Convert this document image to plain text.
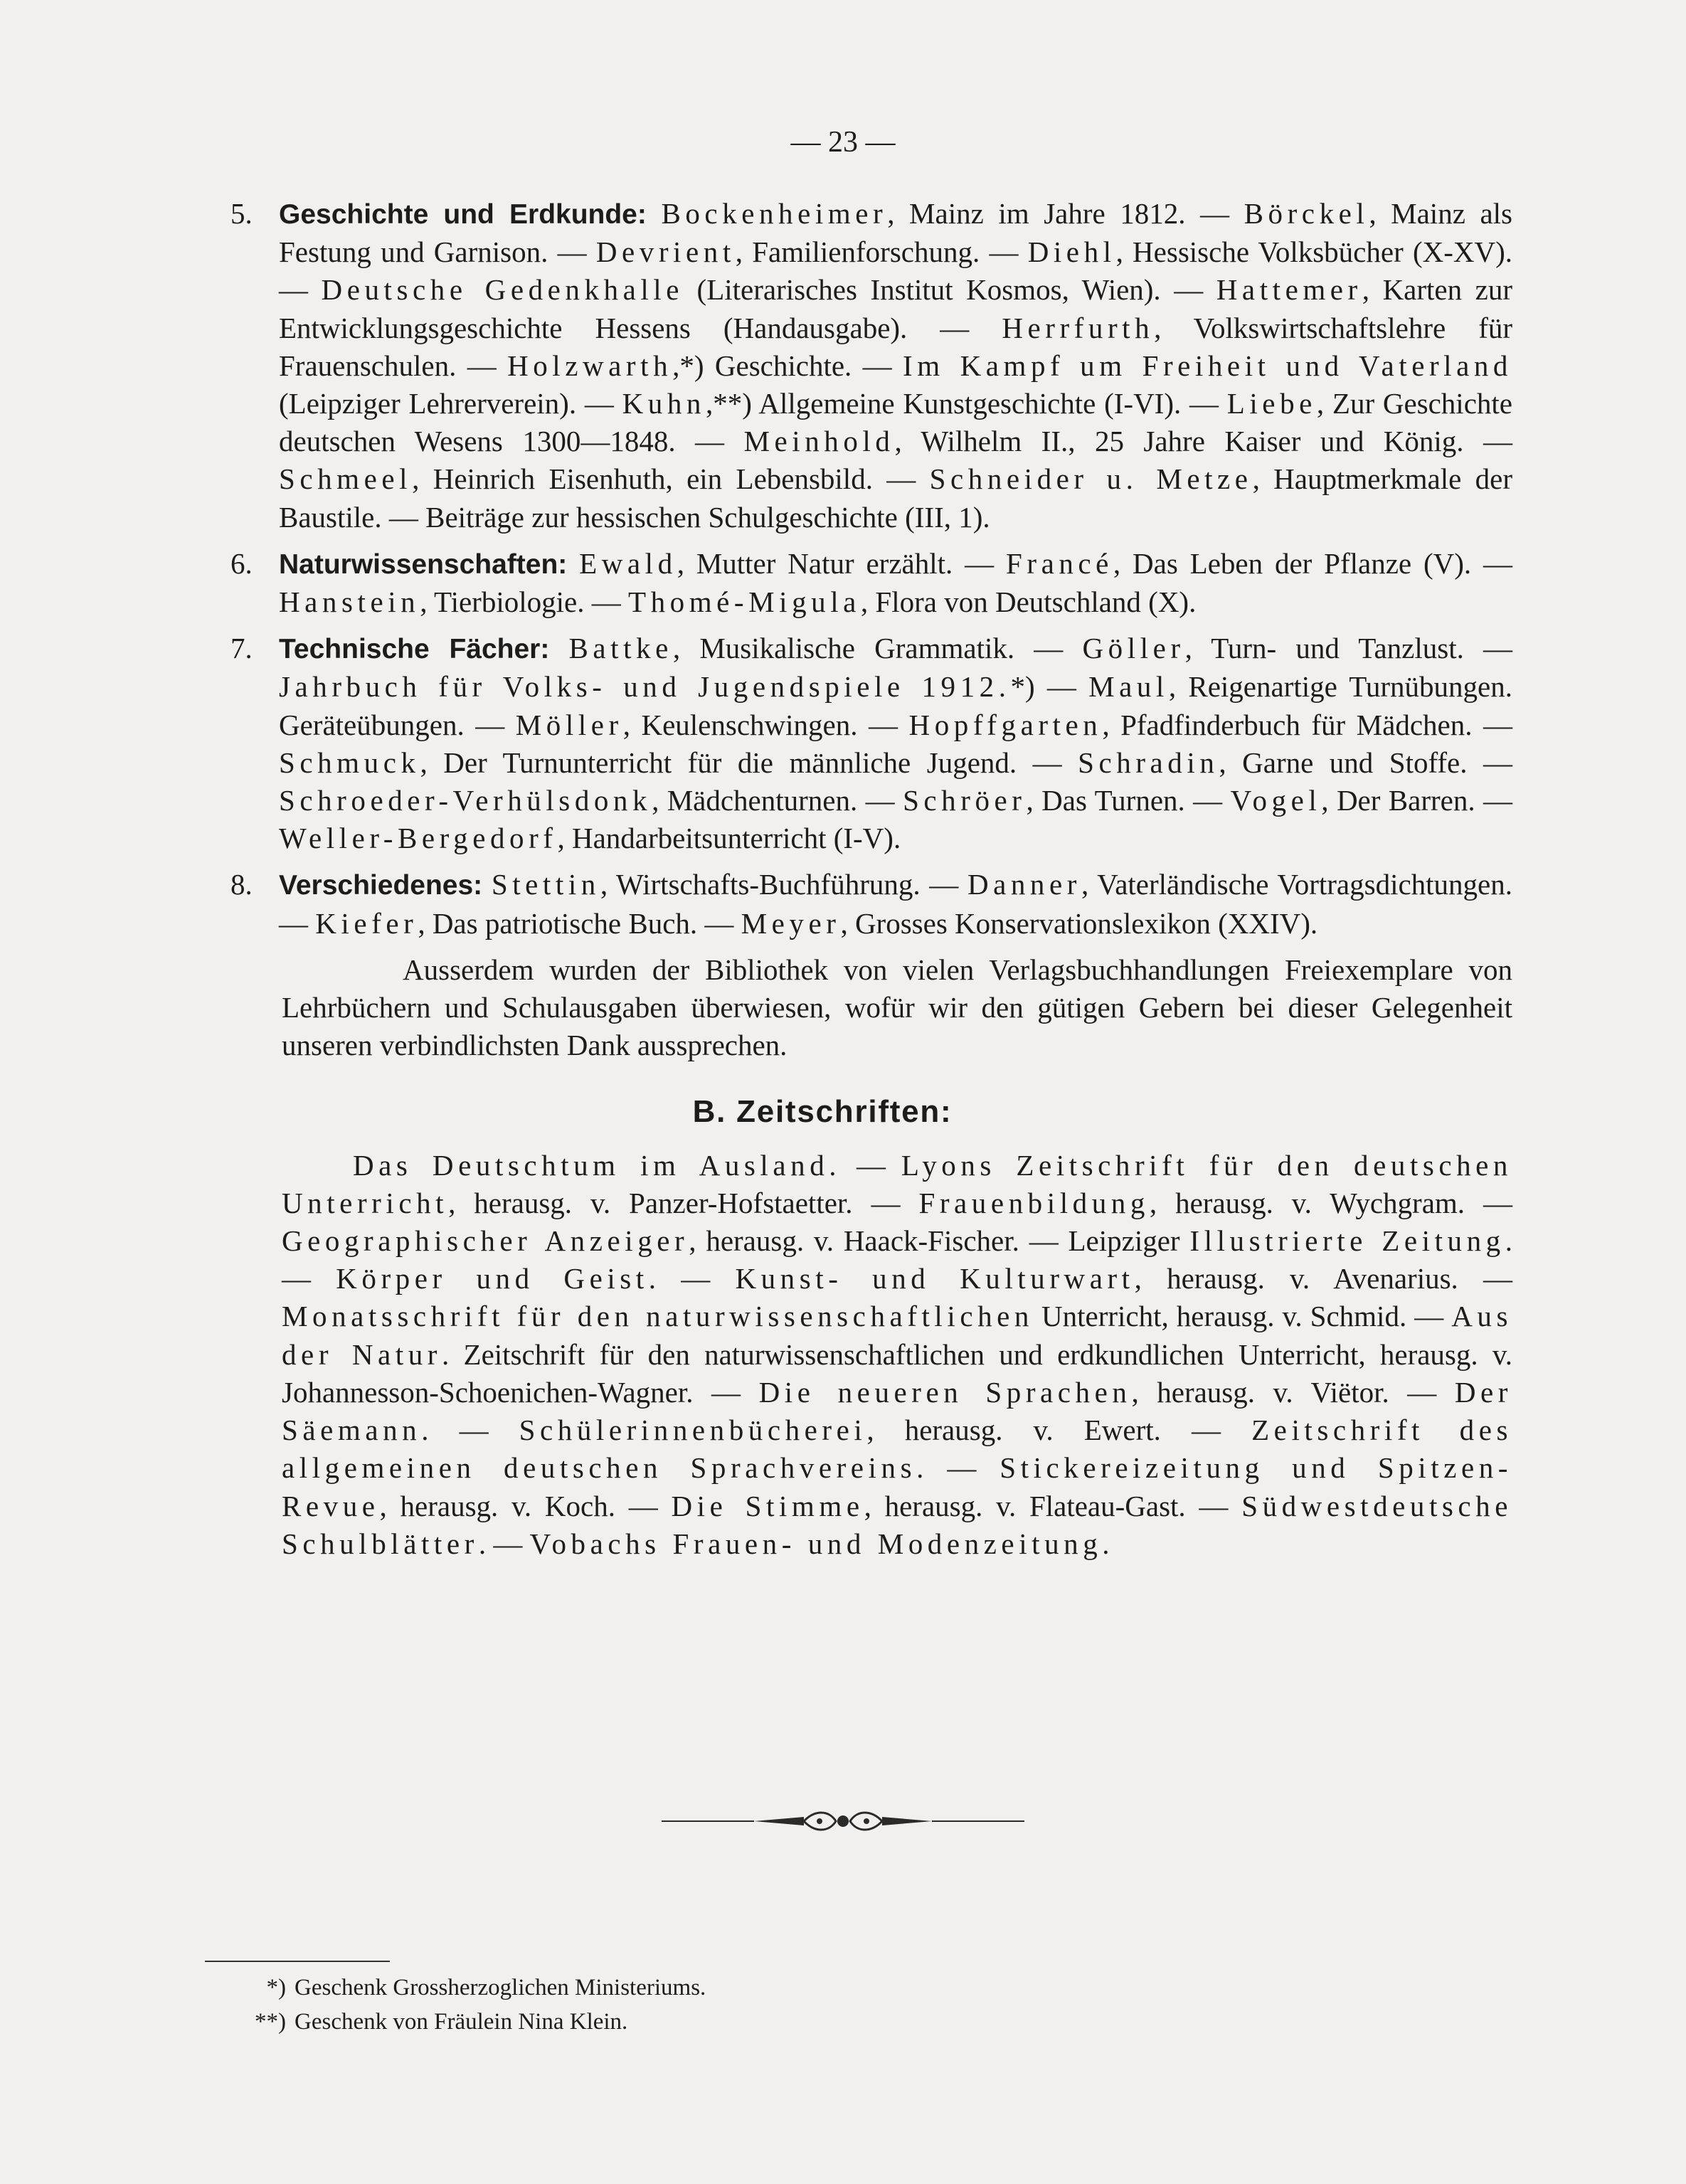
— 23 —
5. Geschichte und Erdkunde: Bockenheimer, Mainz im Jahre 1812. — Börckel, Mainz als Festung und Garnison. — Devrient, Familienforschung. — Diehl, Hessische Volksbücher (X-XV). — Deutsche Gedenkhalle (Literarisches Institut Kosmos, Wien). — Hattemer, Karten zur Entwicklungsgeschichte Hessens (Handausgabe). — Herrfurth, Volkswirtschaftslehre für Frauenschulen. — Holzwarth,*) Geschichte. — Im Kampf um Freiheit und Vaterland (Leipziger Lehrerverein). — Kuhn,**) Allgemeine Kunstgeschichte (I-VI). — Liebe, Zur Geschichte deutschen Wesens 1300—1848. — Meinhold, Wilhelm II., 25 Jahre Kaiser und König. — Schmeel, Heinrich Eisenhuth, ein Lebensbild. — Schneider u. Metze, Hauptmerkmale der Baustile. — Beiträge zur hessischen Schulgeschichte (III, 1).
6. Naturwissenschaften: Ewald, Mutter Natur erzählt. — Francé, Das Leben der Pflanze (V). — Hanstein, Tierbiologie. — Thomé-Migula, Flora von Deutschland (X).
7. Technische Fächer: Battke, Musikalische Grammatik. — Göller, Turn- und Tanzlust. — Jahrbuch für Volks- und Jugendspiele 1912.*) — Maul, Reigenartige Turnübungen. Geräteübungen. — Möller, Keulenschwingen. — Hopffgarten, Pfadfinderbuch für Mädchen. — Schmuck, Der Turnunterricht für die männliche Jugend. — Schradin, Garne und Stoffe. — Schroeder-Verhülsdonk, Mädchenturnen. — Schröer, Das Turnen. — Vogel, Der Barren. — Weller-Bergedorf, Handarbeitsunterricht (I-V).
8. Verschiedenes: Stettin, Wirtschafts-Buchführung. — Danner, Vaterländische Vortragsdichtungen. — Kiefer, Das patriotische Buch. — Meyer, Grosses Konservationslexikon (XXIV).

Ausserdem wurden der Bibliothek von vielen Verlagsbuchhandlungen Freiexemplare von Lehrbüchern und Schulausgaben überwiesen, wofür wir den gütigen Gebern bei dieser Gelegenheit unseren verbindlichsten Dank aussprechen.

B. Zeitschriften:

Das Deutschtum im Ausland. — Lyons Zeitschrift für den deutschen Unterricht, herausg. v. Panzer-Hofstaetter. — Frauenbildung, herausg. v. Wychgram. — Geographischer Anzeiger, herausg. v. Haack-Fischer. — Leipziger Illustrierte Zeitung. — Körper und Geist. — Kunst- und Kulturwart, herausg. v. Avenarius. — Monatsschrift für den naturwissenschaftlichen Unterricht, herausg. v. Schmid. — Aus der Natur. Zeitschrift für den naturwissenschaftlichen und erdkundlichen Unterricht, herausg. v. Johannesson-Schoenichen-Wagner. — Die neueren Sprachen, herausg. v. Viëtor. — Der Säemann. — Schülerinnenbücherei, herausg. v. Ewert. — Zeitschrift des allgemeinen deutschen Sprachvereins. — Stickereizeitung und Spitzen-Revue, herausg. v. Koch. — Die Stimme, herausg. v. Flateau-Gast. — Südwestdeutsche Schulblätter. — Vobachs Frauen- und Modenzeitung.

*) Geschenk Grossherzoglichen Ministeriums.
**) Geschenk von Fräulein Nina Klein.
